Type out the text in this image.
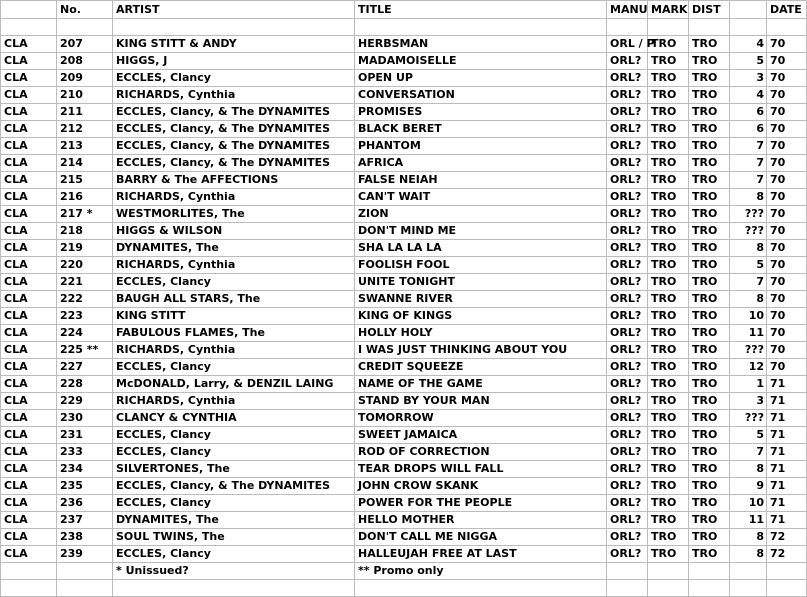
	No.	ARTIST	TITLE	MANU	MARK	DIST		DATE

CLA	207	KING STITT & ANDY	HERBSMAN	ORL / P	TRO	TRO	4	70
CLA	208	HIGGS, J	MADAMOISELLE	ORL?	TRO	TRO	5	70
CLA	209	ECCLES, Clancy	OPEN UP	ORL?	TRO	TRO	3	70
CLA	210	RICHARDS, Cynthia	CONVERSATION	ORL?	TRO	TRO	4	70
CLA	211	ECCLES, Clancy, & The DYNAMITES	PROMISES	ORL?	TRO	TRO	6	70
CLA	212	ECCLES, Clancy, & The DYNAMITES	BLACK BERET	ORL?	TRO	TRO	6	70
CLA	213	ECCLES, Clancy, & The DYNAMITES	PHANTOM	ORL?	TRO	TRO	7	70
CLA	214	ECCLES, Clancy, & The DYNAMITES	AFRICA	ORL?	TRO	TRO	7	70
CLA	215	BARRY & The AFFECTIONS	FALSE NEIAH	ORL?	TRO	TRO	7	70
CLA	216	RICHARDS, Cynthia	CAN'T WAIT	ORL?	TRO	TRO	8	70
CLA	217 *	WESTMORLITES, The	ZION	ORL?	TRO	TRO	???	70
CLA	218	HIGGS & WILSON	DON'T MIND ME	ORL?	TRO	TRO	???	70
CLA	219	DYNAMITES, The	SHA LA LA LA	ORL?	TRO	TRO	8	70
CLA	220	RICHARDS, Cynthia	FOOLISH FOOL	ORL?	TRO	TRO	5	70
CLA	221	ECCLES, Clancy	UNITE TONIGHT	ORL?	TRO	TRO	7	70
CLA	222	BAUGH ALL STARS, The	SWANNE RIVER	ORL?	TRO	TRO	8	70
CLA	223	KING STITT	KING OF KINGS	ORL?	TRO	TRO	10	70
CLA	224	FABULOUS FLAMES, The	HOLLY HOLY	ORL?	TRO	TRO	11	70
CLA	225 **	RICHARDS, Cynthia	I WAS JUST THINKING ABOUT YOU	ORL?	TRO	TRO	???	70
CLA	227	ECCLES, Clancy	CREDIT SQUEEZE	ORL?	TRO	TRO	12	70
CLA	228	McDONALD, Larry, & DENZIL LAING	NAME OF THE GAME	ORL?	TRO	TRO	1	71
CLA	229	RICHARDS, Cynthia	STAND BY YOUR MAN	ORL?	TRO	TRO	3	71
CLA	230	CLANCY & CYNTHIA	TOMORROW	ORL?	TRO	TRO	???	71
CLA	231	ECCLES, Clancy	SWEET JAMAICA	ORL?	TRO	TRO	5	71
CLA	233	ECCLES, Clancy	ROD OF CORRECTION	ORL?	TRO	TRO	7	71
CLA	234	SILVERTONES, The	TEAR DROPS WILL FALL	ORL?	TRO	TRO	8	71
CLA	235	ECCLES, Clancy, & The DYNAMITES	JOHN CROW SKANK	ORL?	TRO	TRO	9	71
CLA	236	ECCLES, Clancy	POWER FOR THE PEOPLE	ORL?	TRO	TRO	10	71
CLA	237	DYNAMITES, The	HELLO MOTHER	ORL?	TRO	TRO	11	71
CLA	238	SOUL TWINS, The	DON'T CALL ME NIGGA	ORL?	TRO	TRO	8	72
CLA	239	ECCLES, Clancy	HALLEUJAH FREE AT LAST	ORL?	TRO	TRO	8	72
		* Unissued?	** Promo only					
